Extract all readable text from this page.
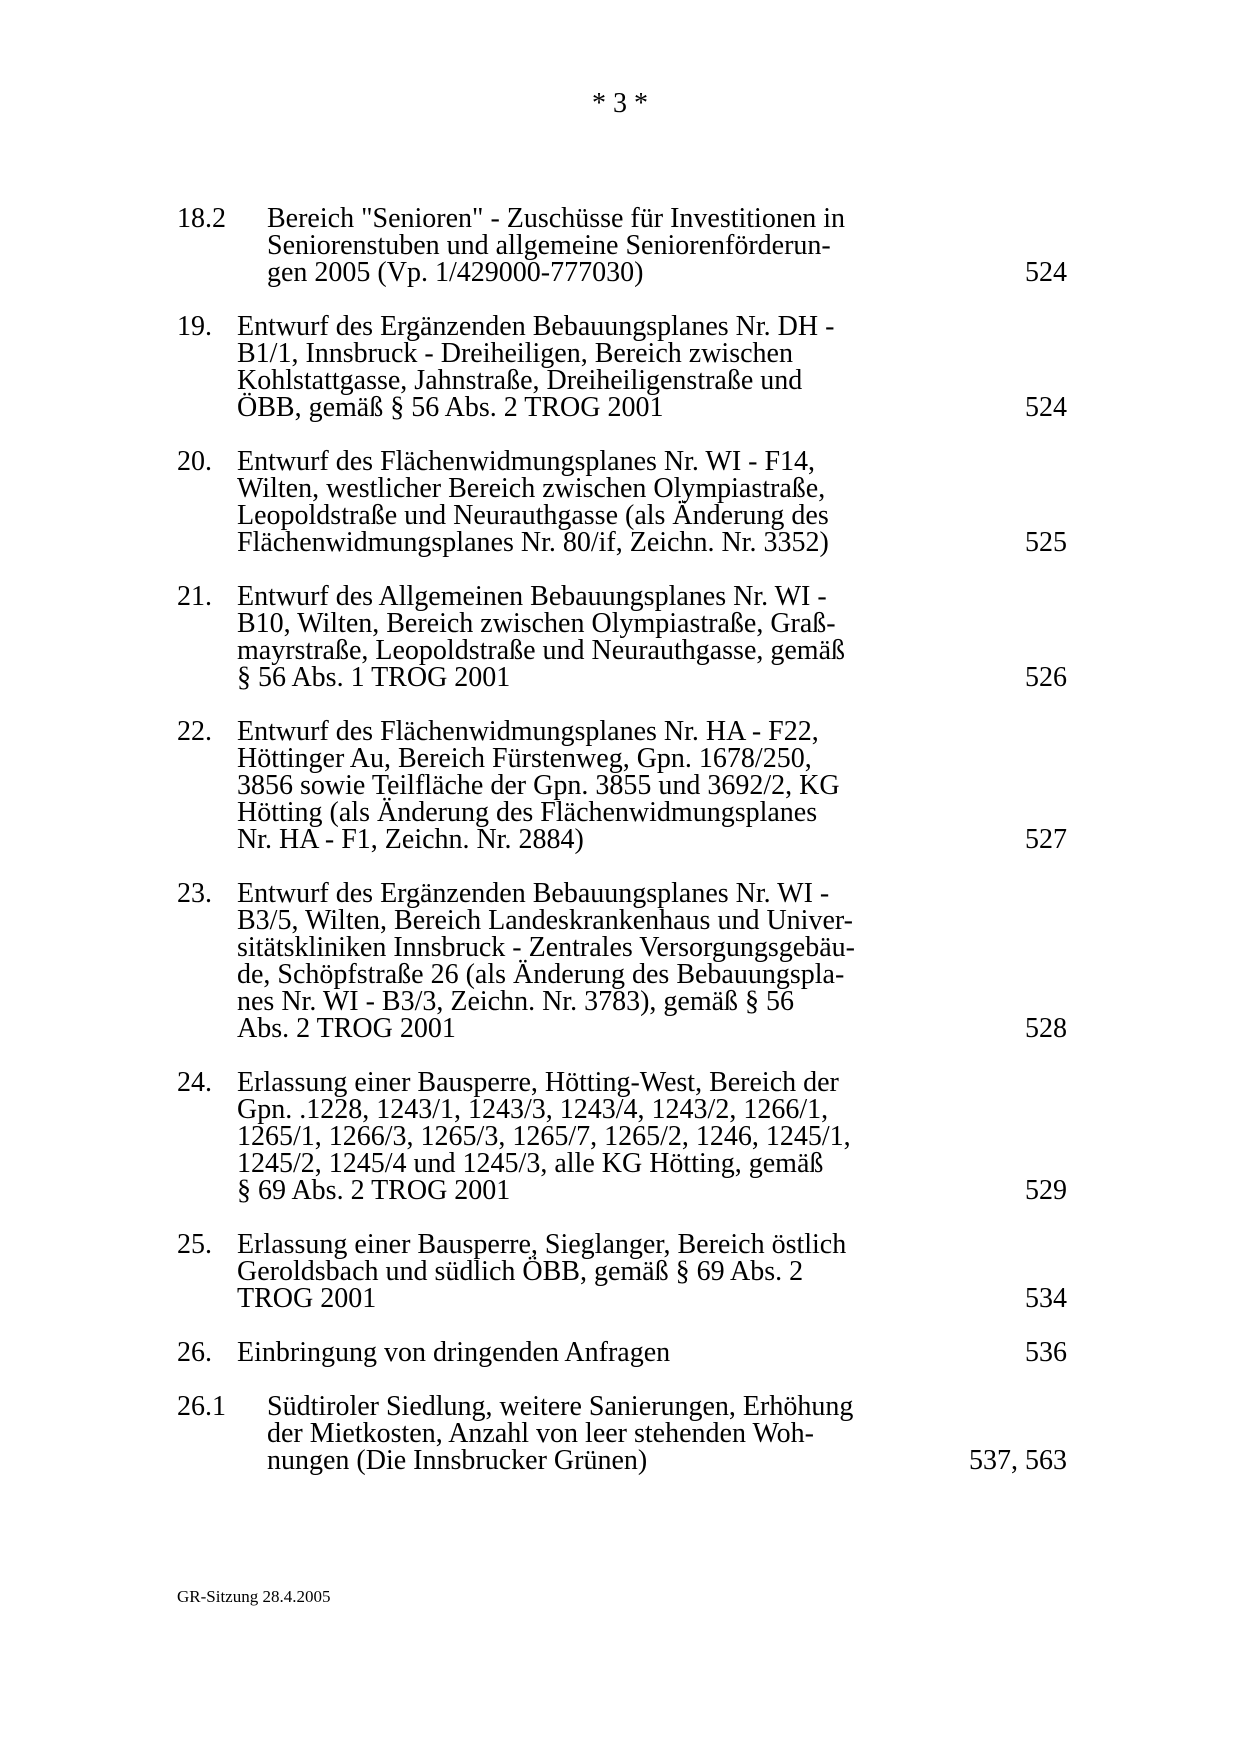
* 3 *
18.2 Bereich "Senioren" - Zuschüsse für Investitionen in
Seniorenstuben und allgemeine Seniorenförderun-
gen 2005 (Vp. 1/429000-777030)	524
19. Entwurf des Ergänzenden Bebauungsplanes Nr. DH -
B1/1, Innsbruck - Dreiheiligen, Bereich zwischen
Kohlstattgasse, Jahnstraße, Dreiheiligenstraße und
ÖBB, gemäß § 56 Abs. 2 TROG 2001	524
20. Entwurf des Flächenwidmungsplanes Nr. WI - F14,
Wilten, westlicher Bereich zwischen Olympiastraße,
Leopoldstraße und Neurauthgasse (als Änderung des
Flächenwidmungsplanes Nr. 80/if, Zeichn. Nr. 3352)	525
21. Entwurf des Allgemeinen Bebauungsplanes Nr. WI -
B10, Wilten, Bereich zwischen Olympiastraße, Graß-
mayrstraße, Leopoldstraße und Neurauthgasse, gemäß
§ 56 Abs. 1 TROG 2001	526
22. Entwurf des Flächenwidmungsplanes Nr. HA - F22,
Höttinger Au, Bereich Fürstenweg, Gpn. 1678/250,
3856 sowie Teilfläche der Gpn. 3855 und 3692/2, KG
Hötting (als Änderung des Flächenwidmungsplanes
Nr. HA - F1, Zeichn. Nr. 2884)	527
23. Entwurf des Ergänzenden Bebauungsplanes Nr. WI -
B3/5, Wilten, Bereich Landeskrankenhaus und Univer-
sitätskliniken Innsbruck - Zentrales Versorgungsgebäu-
de, Schöpfstraße 26 (als Änderung des Bebauungspla-
nes Nr. WI - B3/3, Zeichn. Nr. 3783), gemäß § 56
Abs. 2 TROG 2001	528
24. Erlassung einer Bausperre, Hötting-West, Bereich der
Gpn. .1228, 1243/1, 1243/3, 1243/4, 1243/2, 1266/1,
1265/1, 1266/3, 1265/3, 1265/7, 1265/2, 1246, 1245/1,
1245/2, 1245/4 und 1245/3, alle KG Hötting, gemäß
§ 69 Abs. 2 TROG 2001	529
25. Erlassung einer Bausperre, Sieglanger, Bereich östlich
Geroldsbach und südlich ÖBB, gemäß § 69 Abs. 2
TROG 2001	534
26. Einbringung von dringenden Anfragen	536
26.1 Südtiroler Siedlung, weitere Sanierungen, Erhöhung
der Mietkosten, Anzahl von leer stehenden Woh-
nungen (Die Innsbrucker Grünen)	537, 563
GR-Sitzung 28.4.2005
